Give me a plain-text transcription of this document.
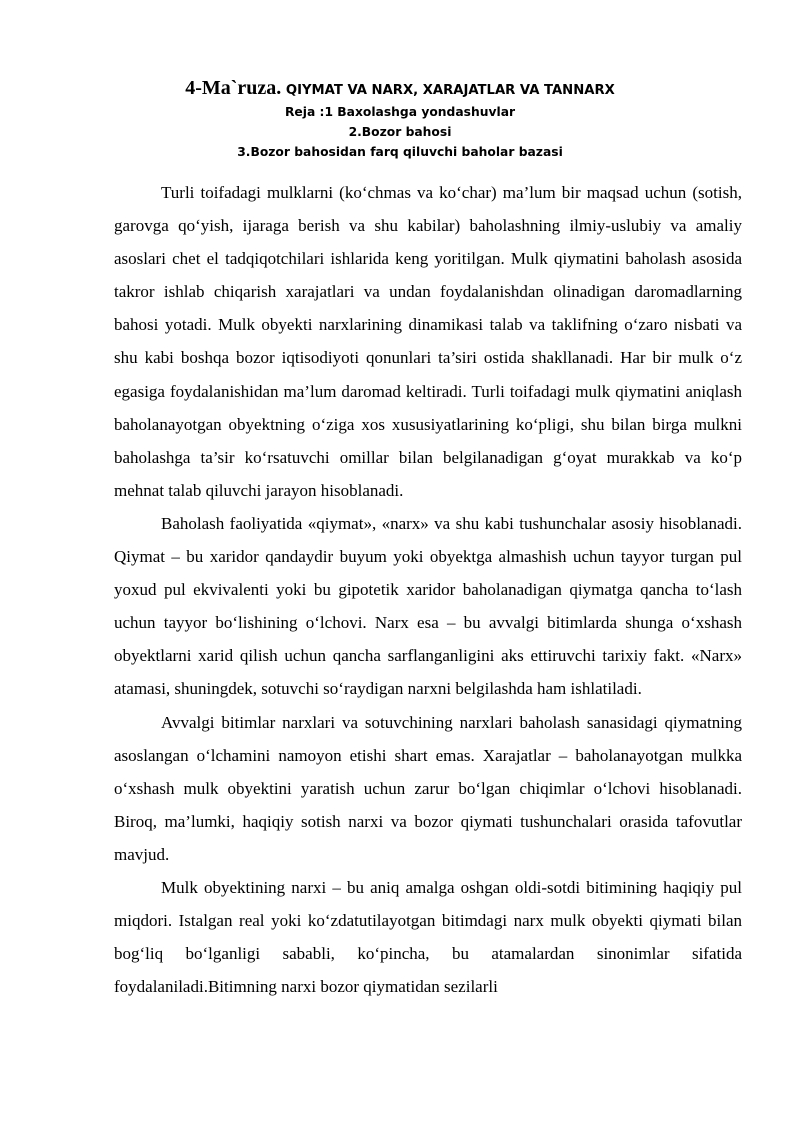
4-Ma`ruza. QIYMAT VA NARX, XARAJATLAR VA TANNARX

Reja :1 Baxolashga yondashuvlar

2.Bozor bahosi

3.Bozor bahosidan farq qiluvchi baholar bazasi

Turli toifadagi mulklarni (ko‘chmas va ko‘char) ma’lum bir maqsad uchun (sotish, garovga qo‘yish, ijaraga berish va shu kabilar) baholashning ilmiy-uslubiy va amaliy asoslari chet el tadqiqotchilari ishlarida keng yoritilgan. Mulk qiymatini baholash asosida takror ishlab chiqarish xarajatlari va undan foydalanishdan olinadigan daromadlarning bahosi yotadi. Mulk obyekti narxlarining dinamikasi talab va taklifning o‘zaro nisbati va shu kabi boshqa bozor iqtisodiyoti qonunlari ta’siri ostida shakllanadi. Har bir mulk o‘z egasiga foydalanishidan ma’lum daromad keltiradi. Turli toifadagi mulk qiymatini aniqlash baholanayotgan obyektning o‘ziga xos xususiyatlarining ko‘pligi, shu bilan birga mulkni baholashga ta’sir ko‘rsatuvchi omillar bilan belgilanadigan g‘oyat murakkab va ko‘p mehnat talab qiluvchi jarayon hisoblanadi.

Baholash faoliyatida «qiymat», «narx» va shu kabi tushunchalar asosiy hisoblanadi. Qiymat – bu xaridor qandaydir buyum yoki obyektga almashish uchun tayyor turgan pul yoxud pul ekvivalenti yoki bu gipotetik xaridor baholanadigan qiymatga qancha to‘lash uchun tayyor bo‘lishining o‘lchovi. Narx esa – bu avvalgi bitimlarda shunga o‘xshash obyektlarni xarid qilish uchun qancha sarflanganligini aks ettiruvchi tarixiy fakt. «Narx» atamasi, shuningdek, sotuvchi so‘raydigan narxni belgilashda ham ishlatiladi.

Avvalgi bitimlar narxlari va sotuvchining narxlari baholash sanasidagi qiymatning asoslangan o‘lchamini namoyon etishi shart emas. Xarajatlar – baholanayotgan mulkka o‘xshash mulk obyektini yaratish uchun zarur bo‘lgan chiqimlar o‘lchovi hisoblanadi. Biroq, ma’lumki, haqiqiy sotish narxi va bozor qiymati tushunchalari orasida tafovutlar mavjud.

Mulk obyektining narxi – bu aniq amalga oshgan oldi-sotdi bitimining haqiqiy pul miqdori. Istalgan real yoki ko‘zdatutilayotgan bitimdagi narx mulk obyekti qiymati bilan bog‘liq bo‘lganligi sababli, ko‘pincha, bu atamalardan sinonimlar sifatida foydalaniladi.Bitimning narxi bozor qiymatidan sezilarli
